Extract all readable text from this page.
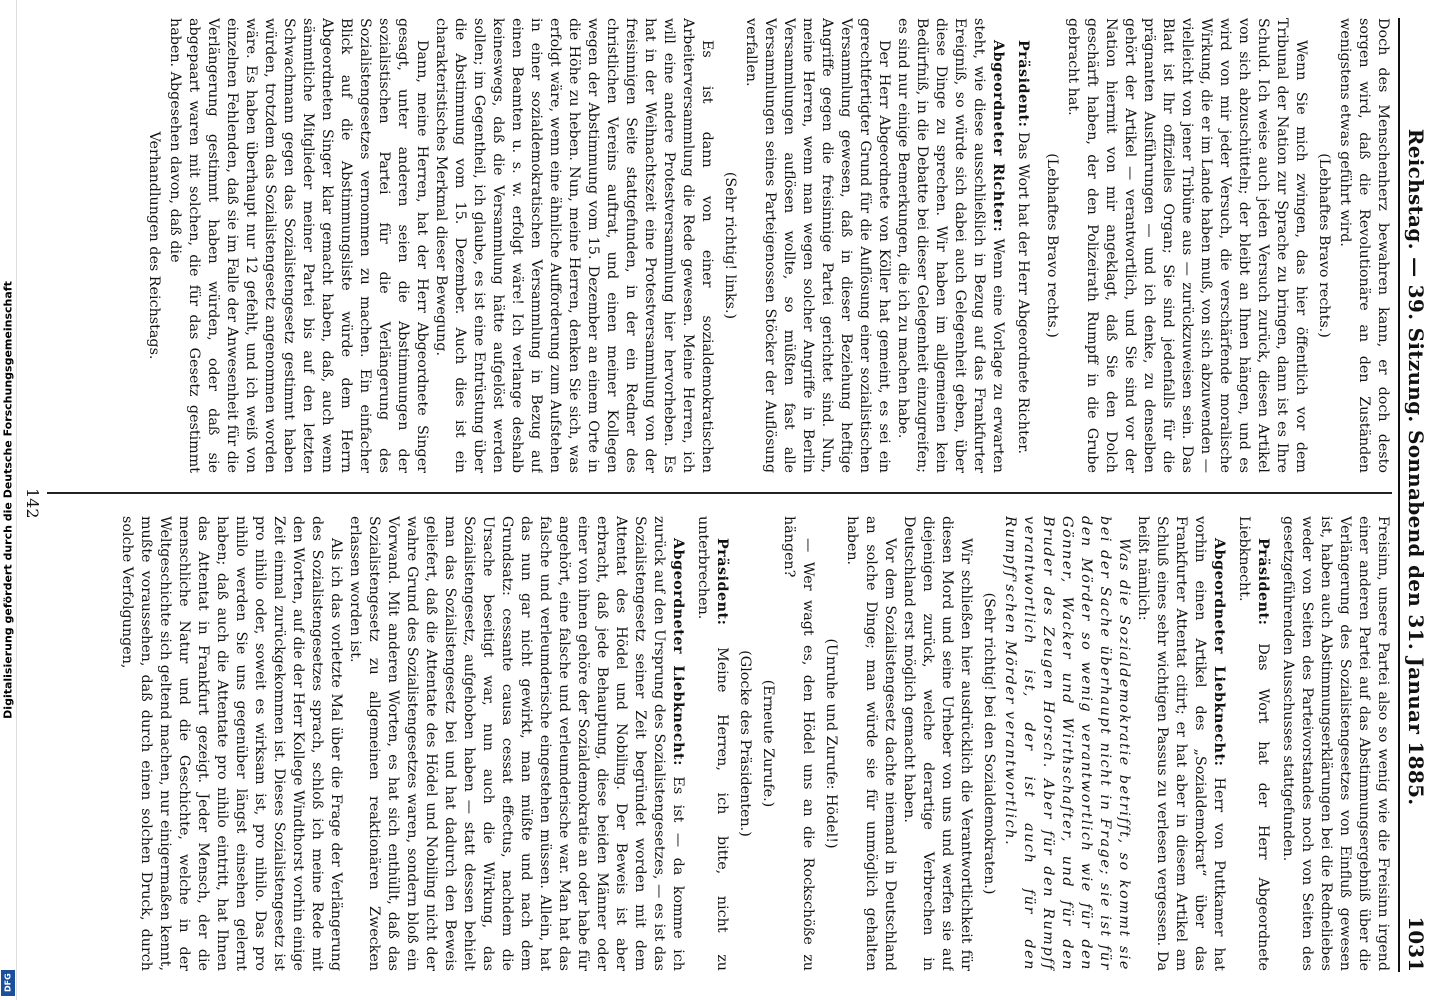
Reichstag. — 39. Sitzung. Sonnabend den 31. Januar 1885.
1031

Doch des Menschenherz bewahren kann, er doch desto sorgen wird, daß die Revolutionäre an den Zuständen wenigstens etwas geführt wird.

(Lebhaftes Bravo rechts.)

Wenn Sie mich zwingen, das hier öffentlich vor dem Tribunal der Nation zur Sprache zu bringen, dann ist es Ihre Schuld. Ich weise auch jeden Versuch zurück, diesen Artikel von sich abzuschütteln; der bleibt an Ihnen hängen, und es wird von mir jeder Versuch, die verschärfende moralische Wirkung, die er im Lande haben muß, von sich abzuwenden — vielleicht von jener Tribüne aus — zurückzuweisen sein. Das Blatt ist Ihr offizielles Organ; Sie sind jedenfalls für die prägnanten Ausführungen — und ich denke, zu denselben gehört der Artikel — verantwortlich, und Sie sind vor der Nation hiermit von mir angeklagt, daß Sie den Dolch geschärft haben, der den Polizeirath Rumpff in die Grube gebracht hat.

(Lebhaftes Bravo rechts.)

Präsident: Das Wort hat der Herr Abgeordnete Richter.

Abgeordneter Richter: Wenn eine Vorlage zu erwarten steht, wie diese ausschließlich in Bezug auf das Frankfurter Ereigniß, so würde sich dabei auch Gelegenheit geben, über diese Dinge zu sprechen. Wir haben im allgemeinen kein Bedürfniß, in die Debatte bei dieser Gelegenheit einzugreifen; es sind nur einige Bemerkungen, die ich zu machen habe.

Der Herr Abgeordnete von Köller hat gemeint, es sei ein gerechtfertigter Grund für die Auflösung einer sozialistischen Versammlung gewesen, daß in dieser Beziehung heftige Angriffe gegen die freisinnige Partei gerichtet sind. Nun, meine Herren, wenn man wegen solcher Angriffe in Berlin Versammlungen auflösen wollte, so müßten fast alle Versammlungen seines Parteigenossen Stöcker der Auflösung verfallen.

(Sehr richtig! links.)

Es ist dann von einer sozialdemokratischen Arbeiterversammlung die Rede gewesen. Meine Herren, ich will eine andere Protestversammlung hier hervorheben. Es hat in der Weihnachtszeit eine Protestversammlung von der freisinnigen Seite stattgefunden, in der ein Redner des christlichen Vereins auftrat, und einen meiner Kollegen wegen der Abstimmung vom 15. Dezember an einem Orte in die Höhe zu heben. Nun, meine Herren, denken Sie sich, was erfolgt wäre, wenn eine ähnliche Aufforderung zum Aufstehen in einer sozialdemokratischen Versammlung in Bezug auf einen Beamten u. s. w. erfolgt wäre! Ich verlange deshalb keineswegs, daß die Versammlung hätte aufgelöst werden sollen; im Gegentheil, ich glaube, es ist eine Entrüstung über die Abstimmung vom 15. Dezember. Auch dies ist ein charakteristisches Merkmal dieser Bewegung.

Dann, meine Herren, hat der Herr Abgeordnete Singer gesagt, unter anderen seien die Abstimmungen der sozialistischen Partei für die Verlängerung des Sozialistengesetzes vernommen zu machen. Ein einfacher Blick auf die Abstimmungsliste würde dem Herrn Abgeordneten Singer klar gemacht haben, daß, auch wenn sämmtliche Mitglieder meiner Partei bis auf den letzten Schwachmann gegen das Sozialistengesetz gestimmt haben würden, trotzdem das Sozialistengesetz angenommen worden wäre. Es haben überhaupt nur 12 gefehlt, und ich weiß von einzelnen Fehlenden, daß sie im Falle der Anwesenheit für die Verlängerung gestimmt haben würden, oder daß sie abgepaart waren mit solchen, die für das Gesetz gestimmt haben. Abgesehen davon, daß die

Verhandlungen des Reichstags.

Freisinn, unsere Partei also so wenig wie die Freisinn irgend einer anderen Partei auf das Abstimmungsergebniß über die Verlängerung des Sozialistengesetzes von Einfluß gewesen ist, haben auch Abstimmungserklärungen bei die Redneliebes weder von Seiten des Parteivorstandes noch von Seiten des gesetzgeführenden Ausschusses stattgefunden.

Präsident: Das Wort hat der Herr Abgeordnete Liebknecht.

Abgeordneter Liebknecht: Herr von Puttkamer hat vorhin einen Artikel des „Sozialdemokrat“ über das Frankfurter Attentat citirt; er hat aber in diesem Artikel am Schluß eines sehr wichtigen Passus zu verlesen vergessen. Da heißt nämlich:

Was die Sozialdemokratie betrifft, so kommt sie bei der Sache überhaupt nicht in Frage; sie ist für den Mörder so wenig verantwortlich wie für den Gönner, Wacker und Wirthschafter, und für den Bruder des Zeugen Horsch. Aber für den Rumpff verantwortlich ist, der ist auch für den Rumpff'schen Mörder verantwortlich.

(Sehr richtig! bei den Sozialdemokraten.)

Wir schließen hier ausdrücklich die Verantwortlichkeit für diesen Mord und seine Urheber von uns und werfen sie auf diejenigen zurück, welche derartige Verbrechen in Deutschland erst möglich gemacht haben.

Vor dem Sozialistengesetz dachte niemand in Deutschland an solche Dinge; man würde sie für unmöglich gehalten haben.

(Unruhe und Zurufe: Hödel!)

— Wer wagt es, den Hödel uns an die Rockschöße zu hängen?

(Erneute Zurufe.)

(Glocke des Präsidenten.)

Präsident: Meine Herren, ich bitte, nicht zu unterbrechen.

Abgeordneter Liebknecht: Es ist — da komme ich zurück auf den Ursprung des Sozialistengesetzes, — es ist das Sozialistengesetz seiner Zeit begründet worden mit dem Attentat des Hödel und Nobiling. Der Beweis ist aber erbracht, daß jede Behauptung, diese beiden Männer oder einer von ihnen gehöre der Sozialdemokratie an oder habe für angehört, eine falsche und verleumderische war. Man hat das falsche und verleumderische eingestehen müssen. Allein, hat das nun gar nicht gewirkt, man müßte und nach dem Grundsatz: cessante causa cessat effectus, nachdem die Ursache beseitigt war, nun auch die Wirkung, das Sozialistengesetz, aufgehoben haben — statt dessen behielt man das Sozialistengesetz bei und hat dadurch den Beweis geliefert, daß die Attentate des Hödel und Nobiling nicht der wahre Grund des Sozialistengesetzes waren, sondern bloß ein Vorwand. Mit anderen Worten, es hat sich enthüllt, daß das Sozialistengesetz zu allgemeinen reaktionären Zwecken erlassen worden ist.

Als ich das vorletzte Mal über die Frage der Verlängerung des Sozialistengesetzes sprach, schloß ich meine Rede mit den Worten, auf die der Herr Kollege Windthorst vorhin einige Zeit einmal zurückgekommen ist. Dieses Sozialistengesetz ist pro nihilo oder, soweit es wirksam ist, pro nihilo. Das pro nihilo werden Sie uns gegenüber längst einsehen gelernt haben; daß auch die Attentate pro nihilo eintritt, hat Ihnen das Attentat in Frankfurt gezeigt. Jeder Mensch, der die menschliche Natur und die Geschichte, welche in der Weltgeschichte sich geltend machen, nur einigermaßen kennt, mußte voraussehen, daß durch einen solchen Druck, durch solche Verfolgungen,

142
Digitalisierung gefördert durch die Deutsche Forschungsgemeinschaft
DFG
